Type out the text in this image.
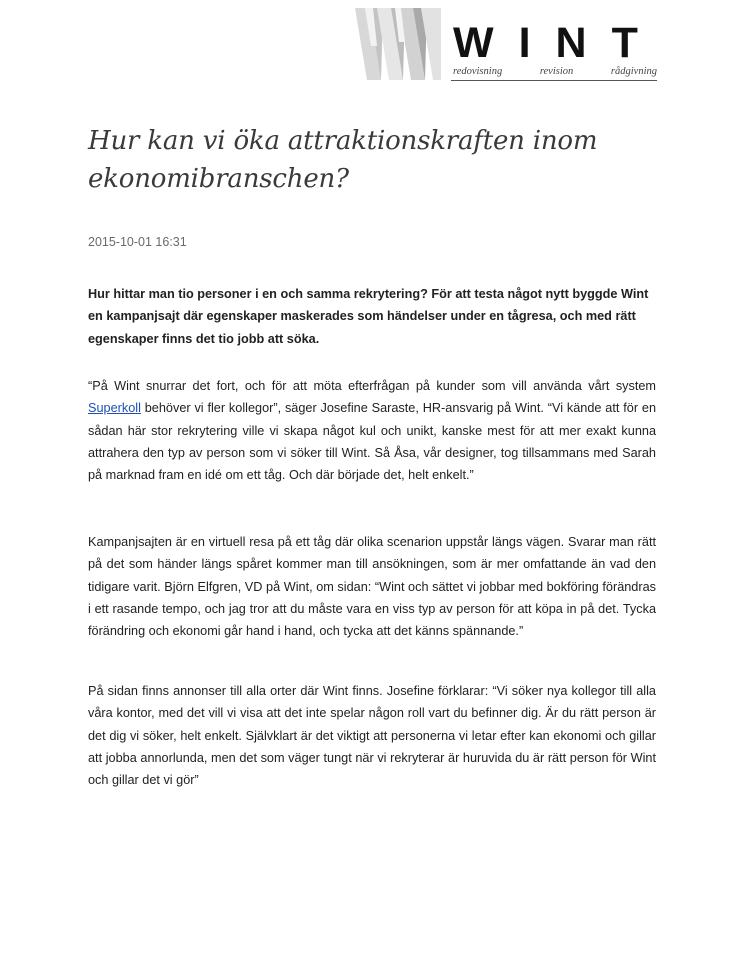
WINT
redovisning	revision	rådgivning
Hur kan vi öka attraktionskraften inom ekonomibranschen?
2015-10-01 16:31

Hur hittar man tio personer i en och samma rekrytering? För att testa något nytt byggde Wint en kampanjsajt där egenskaper maskerades som händelser under en tågresa, och med rätt egenskaper finns det tio jobb att söka.

“På Wint snurrar det fort, och för att möta efterfrågan på kunder som vill använda vårt system Superkoll behöver vi fler kollegor”, säger Josefine Saraste, HR-ansvarig på Wint. “Vi kände att för en sådan här stor rekrytering ville vi skapa något kul och unikt, kanske mest för att mer exakt kunna attrahera den typ av person som vi söker till Wint. Så Åsa, vår designer, tog tillsammans med Sarah på marknad fram en idé om ett tåg. Och där började det, helt enkelt.”

Kampanjsajten är en virtuell resa på ett tåg där olika scenarion uppstår längs vägen. Svarar man rätt på det som händer längs spåret kommer man till ansökningen, som är mer omfattande än vad den tidigare varit. Björn Elfgren, VD på Wint, om sidan: “Wint och sättet vi jobbar med bokföring förändras i ett rasande tempo, och jag tror att du måste vara en viss typ av person för att köpa in på det. Tycka förändring och ekonomi går hand i hand, och tycka att det känns spännande.”

På sidan finns annonser till alla orter där Wint finns. Josefine förklarar: “Vi söker nya kollegor till alla våra kontor, med det vill vi visa att det inte spelar någon roll vart du befinner dig. Är du rätt person är det dig vi söker, helt enkelt. Självklart är det viktigt att personerna vi letar efter kan ekonomi och gillar att jobba annorlunda, men det som väger tungt när vi rekryterar är huruvida du är rätt person för Wint och gillar det vi gör”
